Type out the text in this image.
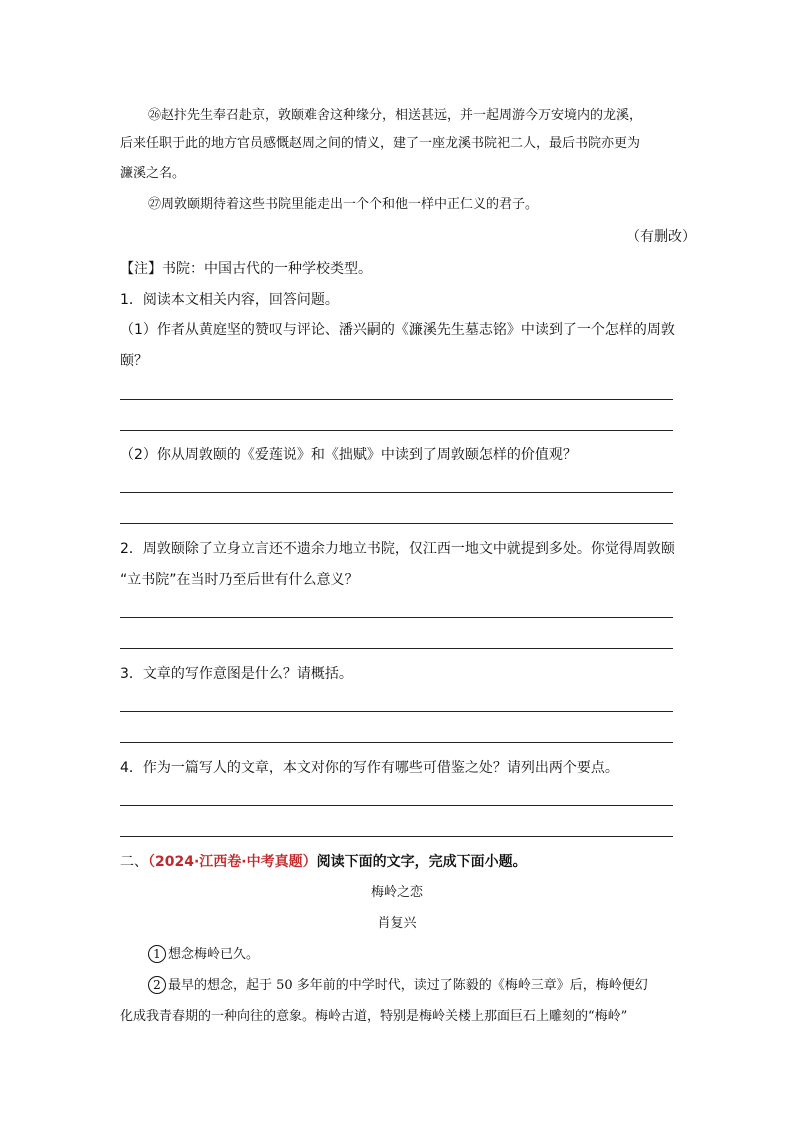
㉖赵抃先生奉召赴京，敦颐难舍这种缘分，相送甚远，并一起周游今万安境内的龙溪，

后来任职于此的地方官员感慨赵周之间的情义，建了一座龙溪书院祀二人，最后书院亦更为

濂溪之名。

㉗周敦颐期待着这些书院里能走出一个个和他一样中正仁义的君子。

（有删改）

【注】书院：中国古代的一种学校类型。

1．阅读本文相关内容，回答问题。

（1）作者从黄庭坚的赞叹与评论、潘兴嗣的《濂溪先生墓志铭》中读到了一个怎样的周敦

颐？

（2）你从周敦颐的《爱莲说》和《拙赋》中读到了周敦颐怎样的价值观？

2．周敦颐除了立身立言还不遗余力地立书院，仅江西一地文中就提到多处。你觉得周敦颐

“立书院”在当时乃至后世有什么意义？

3．文章的写作意图是什么？请概括。

4．作为一篇写人的文章，本文对你的写作有哪些可借鉴之处？请列出两个要点。

二、（2024·江西卷·中考真题）阅读下面的文字，完成下面小题。

梅岭之恋

肖复兴

1 想念梅岭已久。

2 最早的想念，起于 50 多年前的中学时代，读过了陈毅的《梅岭三章》后，梅岭便幻

化成我青春期的一种向往的意象。梅岭古道，特别是梅岭关楼上那面巨石上雕刻的“梅岭”
